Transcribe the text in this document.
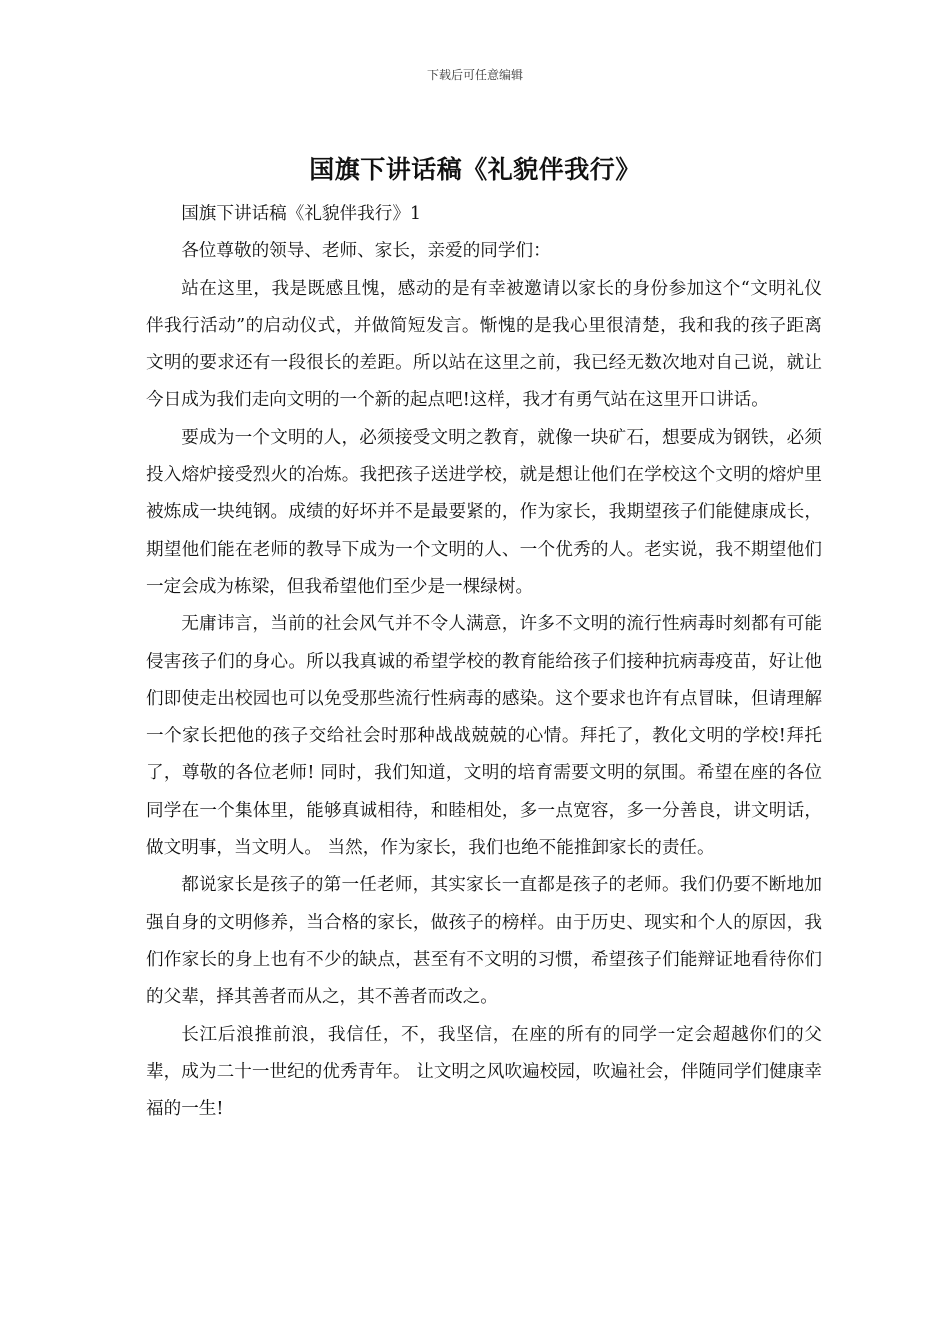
下载后可任意编辑
国旗下讲话稿《礼貌伴我行》

国旗下讲话稿《礼貌伴我行》1

各位尊敬的领导、老师、家长，亲爱的同学们：

站在这里，我是既感且愧，感动的是有幸被邀请以家长的身份参加这个“文明礼仪伴我行活动”的启动仪式，并做简短发言。惭愧的是我心里很清楚，我和我的孩子距离文明的要求还有一段很长的差距。所以站在这里之前，我已经无数次地对自己说，就让今日成为我们走向文明的一个新的起点吧!这样，我才有勇气站在这里开口讲话。

要成为一个文明的人，必须接受文明之教育，就像一块矿石，想要成为钢铁，必须投入熔炉接受烈火的冶炼。我把孩子送进学校，就是想让他们在学校这个文明的熔炉里被炼成一块纯钢。成绩的好坏并不是最要紧的，作为家长，我期望孩子们能健康成长，期望他们能在老师的教导下成为一个文明的人、一个优秀的人。老实说，我不期望他们一定会成为栋梁，但我希望他们至少是一棵绿树。

无庸讳言，当前的社会风气并不令人满意，许多不文明的流行性病毒时刻都有可能侵害孩子们的身心。所以我真诚的希望学校的教育能给孩子们接种抗病毒疫苗，好让他们即使走出校园也可以免受那些流行性病毒的感染。这个要求也许有点冒昧，但请理解一个家长把他的孩子交给社会时那种战战兢兢的心情。拜托了，教化文明的学校!拜托了，尊敬的各位老师! 同时，我们知道，文明的培育需要文明的氛围。希望在座的各位同学在一个集体里，能够真诚相待，和睦相处，多一点宽容，多一分善良，讲文明话，做文明事，当文明人。 当然，作为家长，我们也绝不能推卸家长的责任。

都说家长是孩子的第一任老师，其实家长一直都是孩子的老师。我们仍要不断地加强自身的文明修养，当合格的家长，做孩子的榜样。由于历史、现实和个人的原因，我们作家长的身上也有不少的缺点，甚至有不文明的习惯，希望孩子们能辩证地看待你们的父辈，择其善者而从之，其不善者而改之。

长江后浪推前浪，我信任，不，我坚信，在座的所有的同学一定会超越你们的父辈，成为二十一世纪的优秀青年。 让文明之风吹遍校园，吹遍社会，伴随同学们健康幸福的一生!
